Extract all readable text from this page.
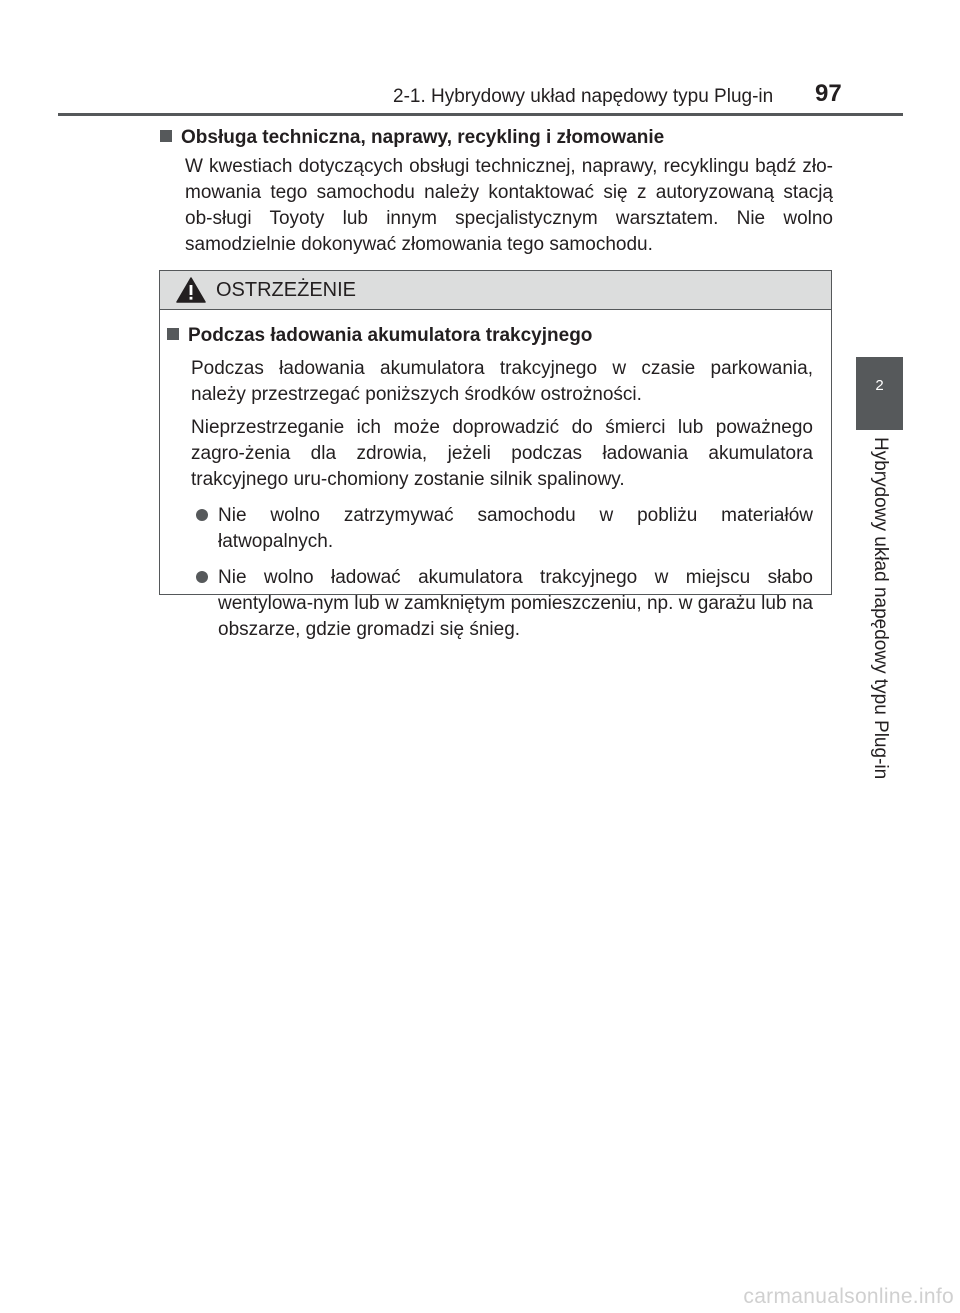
2-1. Hybrydowy układ napędowy typu Plug-in 97
2
Hybrydowy układ napędowy typu Plug-in

Obsługa techniczna, naprawy, recykling i złomowanie

W kwestiach dotyczących obsługi technicznej, naprawy, recyklingu bądź zło-mowania tego samochodu należy kontaktować się z autoryzowaną stacją ob-sługi Toyoty lub innym specjalistycznym warsztatem. Nie wolno samodzielnie dokonywać złomowania tego samochodu.

OSTRZEŻENIE

Podczas ładowania akumulatora trakcyjnego

Podczas ładowania akumulatora trakcyjnego w czasie parkowania, należy przestrzegać poniższych środków ostrożności.

Nieprzestrzeganie ich może doprowadzić do śmierci lub poważnego zagro-żenia dla zdrowia, jeżeli podczas ładowania akumulatora trakcyjnego uru-chomiony zostanie silnik spalinowy.

Nie wolno zatrzymywać samochodu w pobliżu materiałów łatwopalnych.
Nie wolno ładować akumulatora trakcyjnego w miejscu słabo wentylowa-nym lub w zamkniętym pomieszczeniu, np. w garażu lub na obszarze, gdzie gromadzi się śnieg.
carmanualsonline.info
